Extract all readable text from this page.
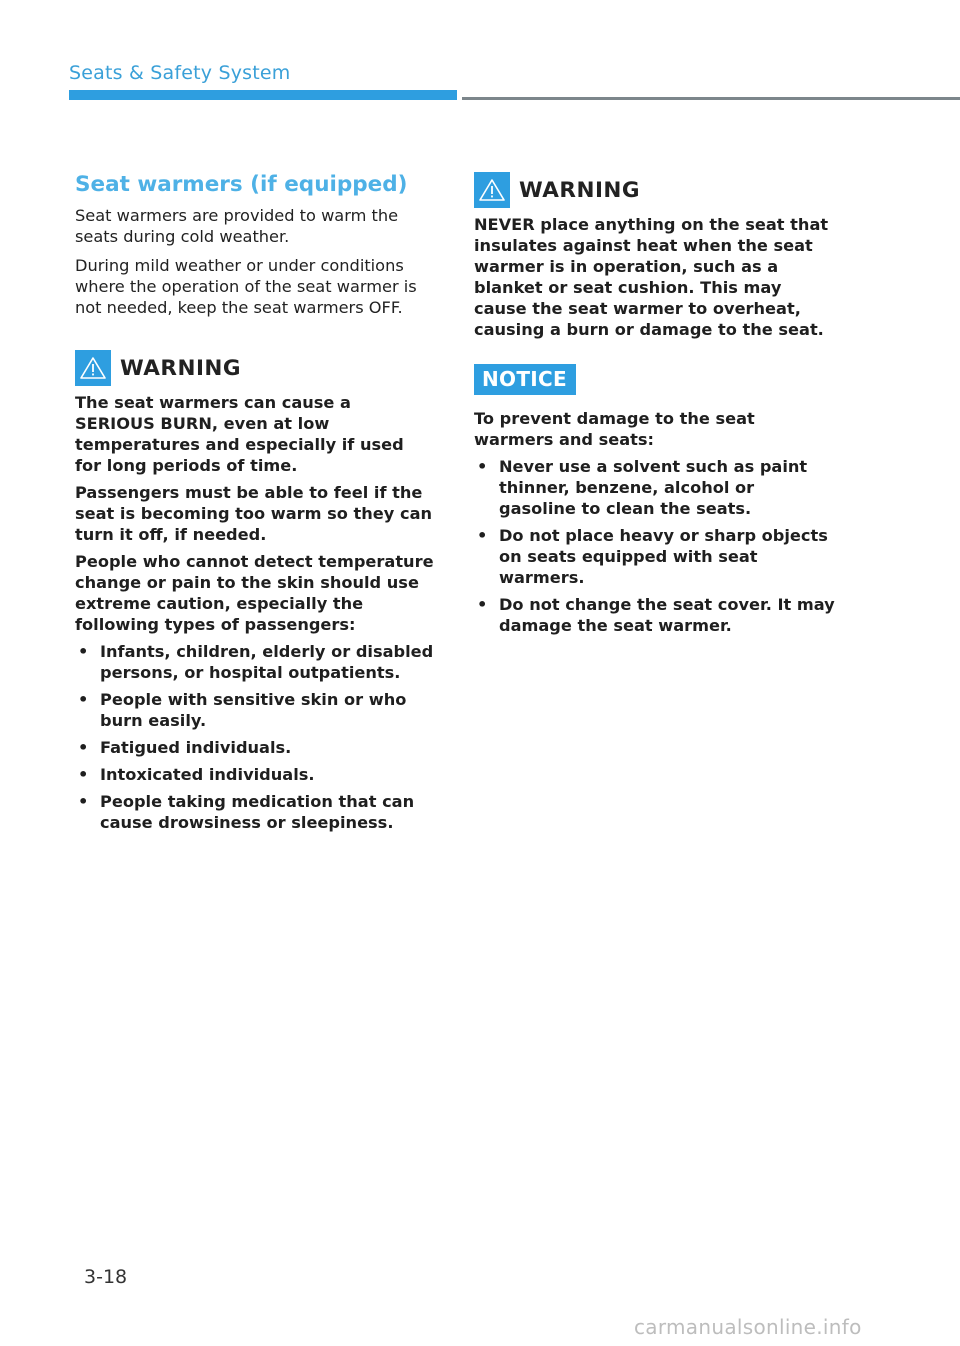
Seats & Safety System
Seat warmers (if equipped)

Seat warmers are provided to warm the seats during cold weather.

During mild weather or under conditions where the operation of the seat warmer is not needed, keep the seat warmers OFF.

WARNING

The seat warmers can cause a SERIOUS BURN, even at low temperatures and especially if used for long periods of time.

Passengers must be able to feel if the seat is becoming too warm so they can turn it off, if needed.

People who cannot detect temperature change or pain to the skin should use extreme caution, especially the following types of passengers:

• Infants, children, elderly or disabled persons, or hospital outpatients.
• People with sensitive skin or who burn easily.
• Fatigued individuals.
• Intoxicated individuals.
• People taking medication that can cause drowsiness or sleepiness.
WARNING

NEVER place anything on the seat that insulates against heat when the seat warmer is in operation, such as a blanket or seat cushion. This may cause the seat warmer to overheat, causing a burn or damage to the seat.

NOTICE

To prevent damage to the seat warmers and seats:

• Never use a solvent such as paint thinner, benzene, alcohol or gasoline to clean the seats.
• Do not place heavy or sharp objects on seats equipped with seat warmers.
• Do not change the seat cover. It may damage the seat warmer.
3-18
carmanualsonline.info
